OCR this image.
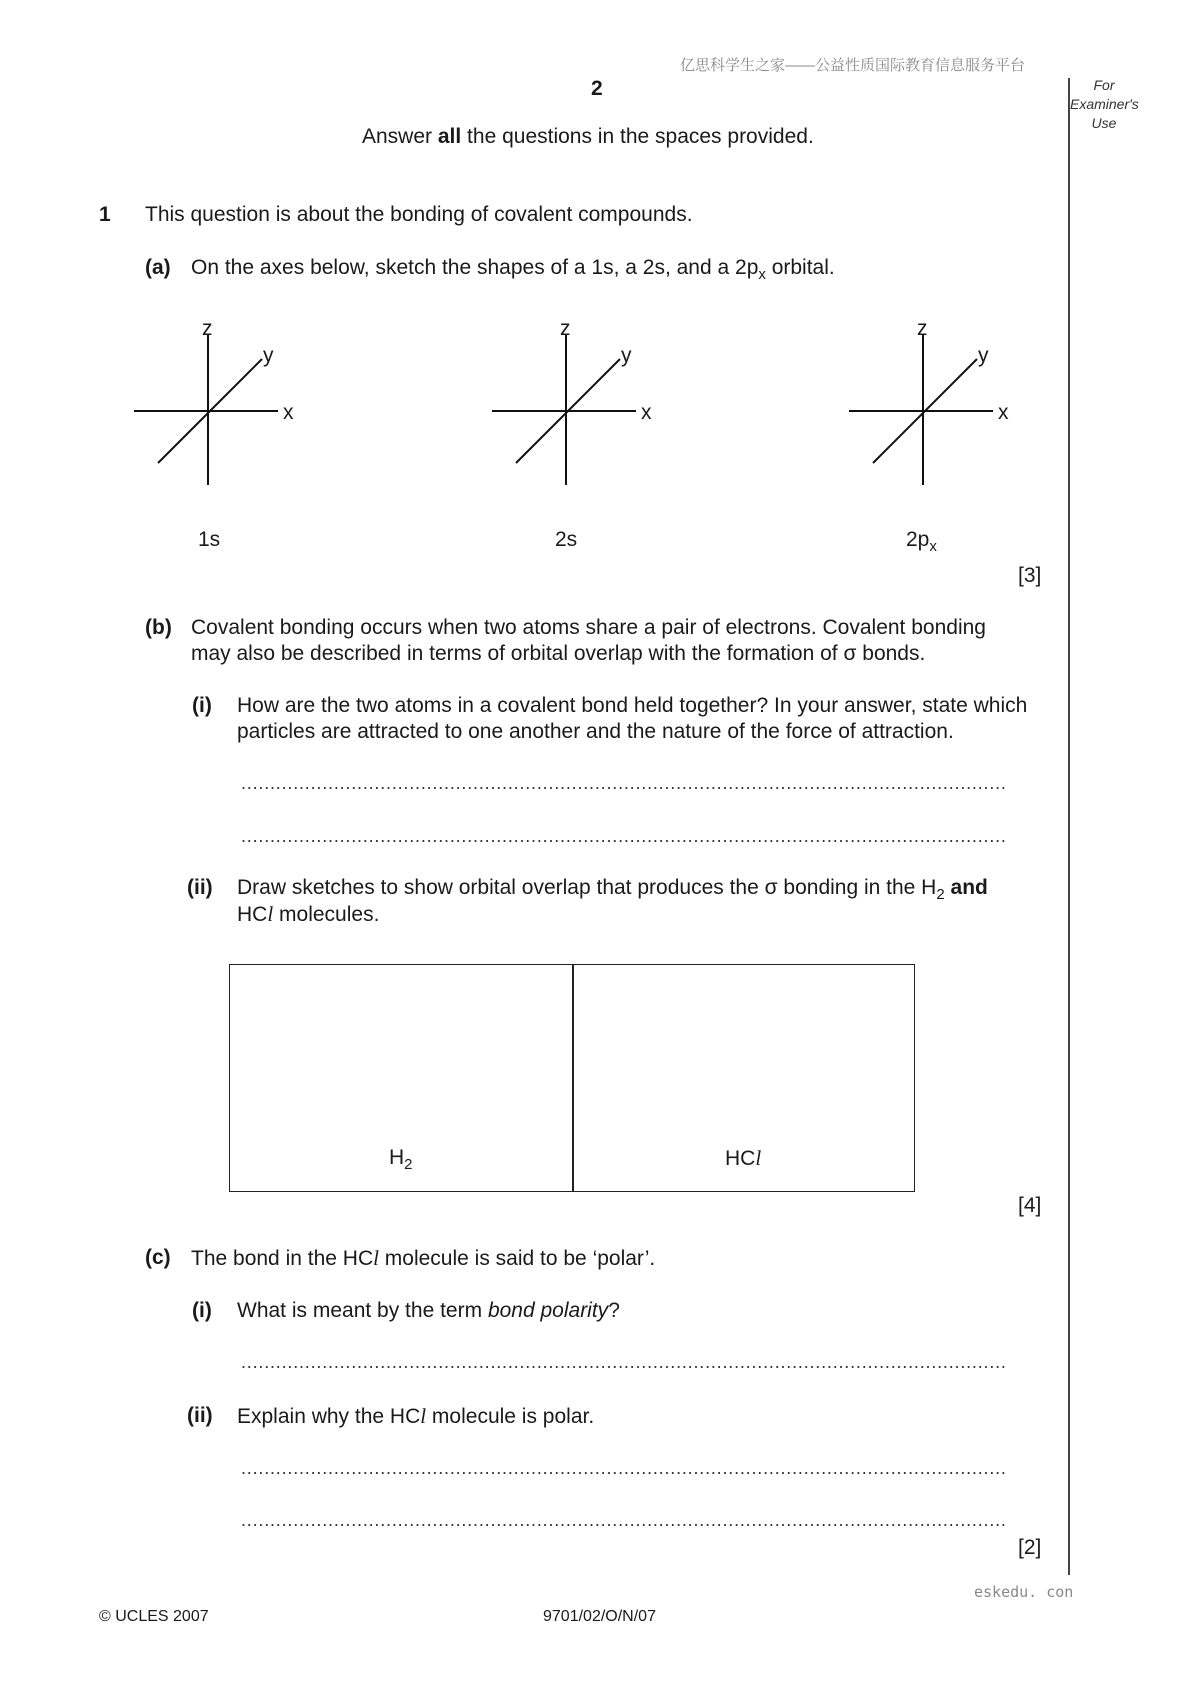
亿思科学生之家——公益性质国际教育信息服务平台
2
Answer all the questions in the spaces provided.
For
Examiner's
Use
1 This question is about the bonding of covalent compounds.
(a) On the axes below, sketch the shapes of a 1s, a 2s, and a $2p_x$ orbital.
z
y
x
1s
z
y
x
2s
z
y
x
$2p_x$
[3]
(b) Covalent bonding occurs when two atoms share a pair of electrons. Covalent bonding
may also be described in terms of orbital overlap with the formation of σ bonds.
(i) How are the two atoms in a covalent bond held together? In your answer, state which
particles are attracted to one another and the nature of the force of attraction.
....................................................................................................................................
....................................................................................................................................
(ii) Draw sketches to show orbital overlap that produces the σ bonding in the $H_2$ and
HCl molecules.
$H_2$	HCl
[4]
(c) The bond in the HCl molecule is said to be ‘polar’.
(i) What is meant by the term bond polarity?
....................................................................................................................................
(ii) Explain why the HCl molecule is polar.
....................................................................................................................................
....................................................................................................................................
[2]
eskedu. con
© UCLES 2007	9701/02/O/N/07
